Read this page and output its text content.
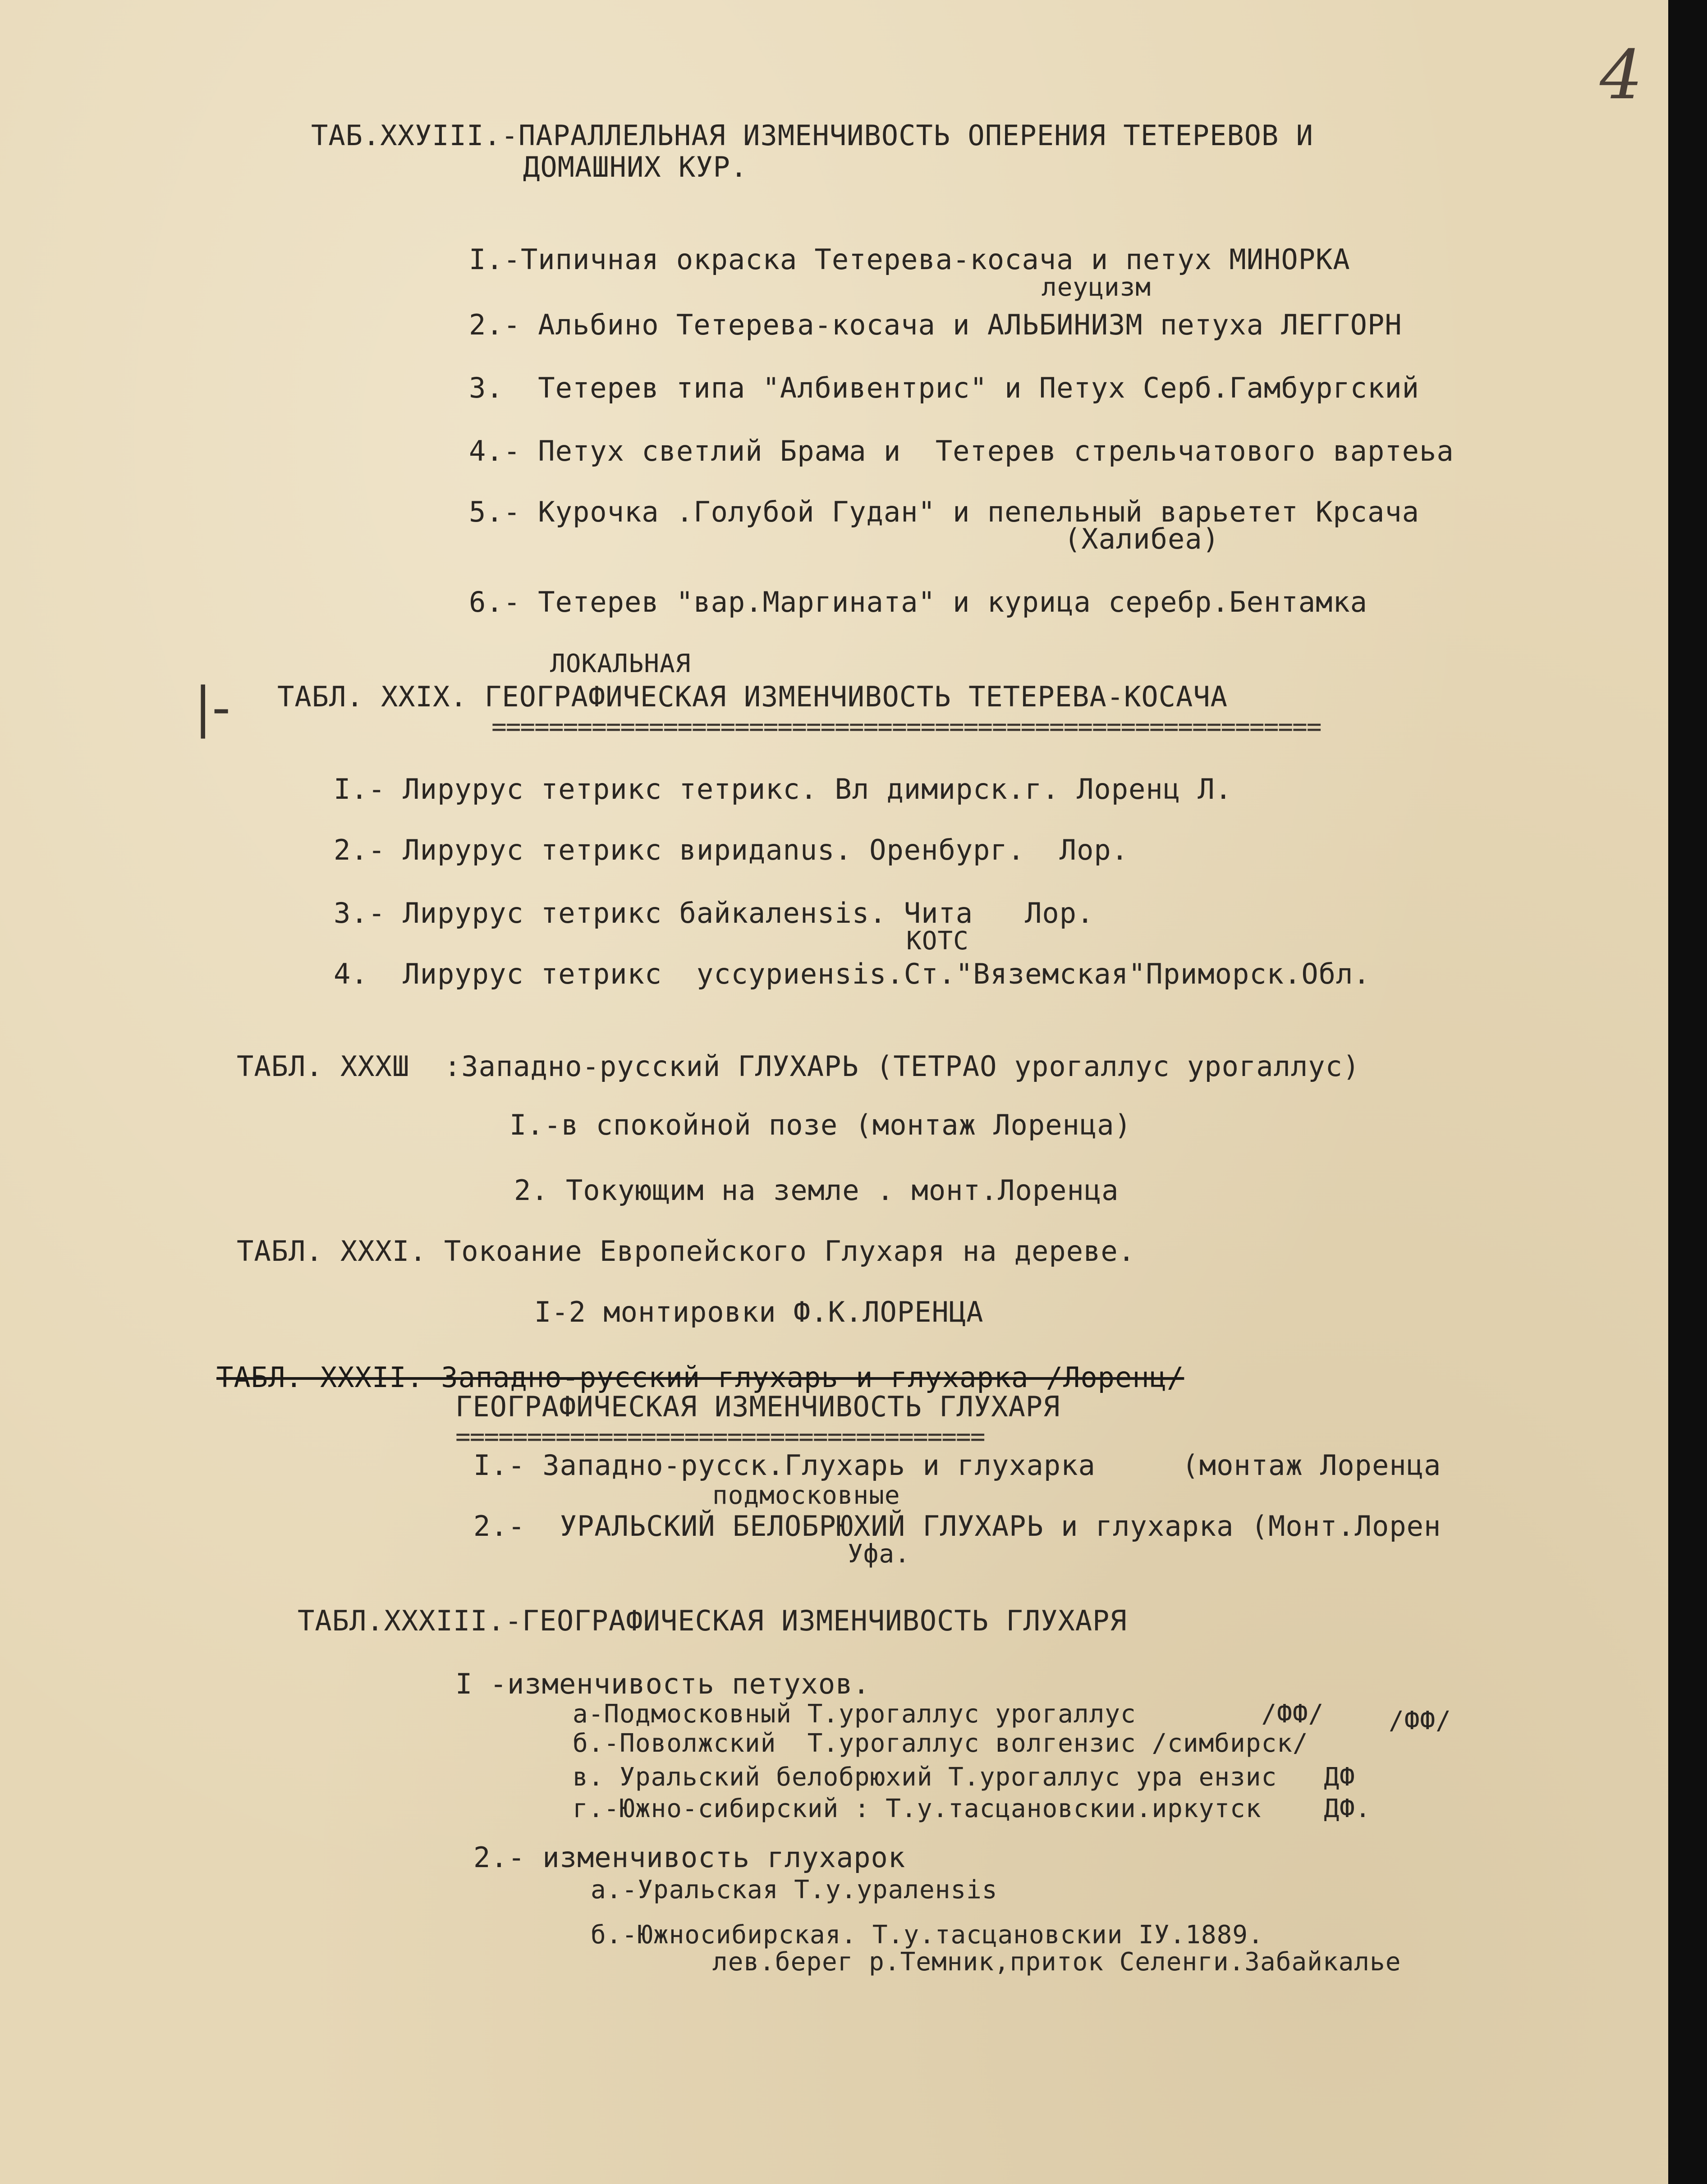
4
ТАБ.XXУIII.-ПАРАЛЛЕЛЬНАЯ ИЗМЕНЧИВОСТЬ ОПЕРЕНИЯ ТЕТЕРЕВОВ И
ДОМАШНИХ КУР.
I.-Типичная окраска Тетерева-косача и петух МИНОРКА
леуцизм
2.- Альбино Тетерева-косача и АЛЬБИНИЗМ петуха ЛЕГГОРН
3.  Тетерев типа "Албивентрис" и Петух Серб.Гамбургский
4.- Петух светлий Брама и  Тетерев стрельчатового вартеьа
5.- Курочка .Голубой Гудан" и пепельный варьетет Крсача
(Халибеа)
6.- Тетерев "вар.Маргината" и курица серебр.Бентамка
|-
ЛОКАЛЬНАЯ
ТАБЛ. XXIX. ГЕОГРАФИЧЕСКАЯ ИЗМЕНЧИВОСТЬ ТЕТЕРЕВА-КОСАЧА
==========================================================
I.- Лирурус тетрикс тетрикс. Вл димирск.г. Лоренц Л.
2.- Лирурус тетрикс виридanus. Оренбург.  Лор.
3.- Лирурус тетрикс байкаленsis. Чита   Лор.
КОТС
4.  Лирурус тетрикс  уссуриенsis.Ст."Вяземская"Приморск.Обл.
ТАБЛ. XXXШ  :Западно-русский ГЛУХАРЬ (ТЕТРАО урогаллус урогаллус)
I.-в спокойной позе (монтаж Лоренца)
2. Токующим на земле . монт.Лоренца
ТАБЛ. XXXI. Токоание Европейского Глухаря на дереве.
I-2 монтировки Ф.К.ЛОРЕНЦА
ТАБЛ. XXXII. Западно-русский глухарь и глухарка /Лоренц/
ГЕОГРАФИЧЕСКАЯ ИЗМЕНЧИВОСТЬ ГЛУХАРЯ
=====================================
I.- Западно-русск.Глухарь и глухарка     (монтаж Лоренца
подмосковные
2.-  УРАЛЬСКИЙ БЕЛОБРЮХИЙ ГЛУХАРЬ и глухарка (Монт.Лорен
Уфа.
ТАБЛ.XXXIII.-ГЕОГРАФИЧЕСКАЯ ИЗМЕНЧИВОСТЬ ГЛУХАРЯ
I -изменчивость петухов.
а-Подмосковный Т.урогаллус урогаллус        /ФФ/
б.-Поволжский  Т.урогаллус волгензис /симбирск/
/ФФ/
в. Уральский белобрюхий Т.урогаллус ура ензис   ДФ
г.-Южно-сибирский : Т.у.тасцановскии.иркутск    ДФ.
2.- изменчивость глухарок
а.-Уральская Т.у.ураленsis
б.-Южносибирская. Т.у.тасцановскии IУ.1889.
лев.берег р.Темник,приток Селенги.Забайкалье
